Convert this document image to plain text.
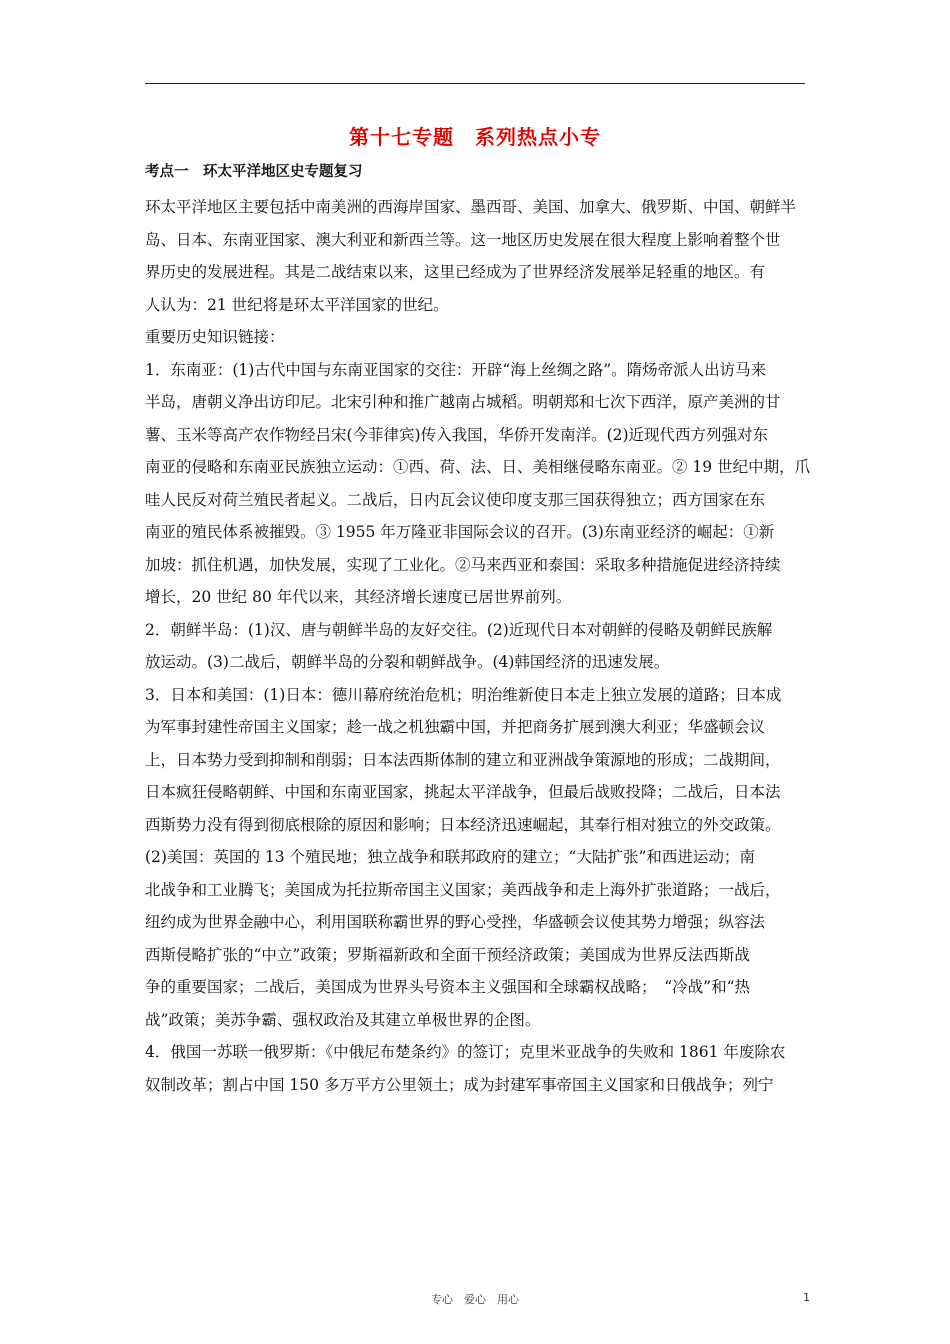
第十七专题　系列热点小专
考点一　环太平洋地区史专题复习
环太平洋地区主要包括中南美洲的西海岸国家、墨西哥、美国、加拿大、俄罗斯、中国、朝鲜半
岛、日本、东南亚国家、澳大利亚和新西兰等。这一地区历史发展在很大程度上影响着整个世
界历史的发展进程。其是二战结束以来，这里已经成为了世界经济发展举足轻重的地区。有
人认为：21 世纪将是环太平洋国家的世纪。
重要历史知识链接：
1．东南亚：(1)古代中国与东南亚国家的交往：开辟“海上丝绸之路”。隋炀帝派人出访马来
半岛，唐朝义净出访印尼。北宋引种和推广越南占城稻。明朝郑和七次下西洋，原产美洲的甘
薯、玉米等高产农作物经吕宋(今菲律宾)传入我国，华侨开发南洋。(2)近现代西方列强对东
南亚的侵略和东南亚民族独立运动：①西、荷、法、日、美相继侵略东南亚。② 19 世纪中期，爪
哇人民反对荷兰殖民者起义。二战后，日内瓦会议使印度支那三国获得独立；西方国家在东
南亚的殖民体系被摧毁。③ 1955 年万隆亚非国际会议的召开。(3)东南亚经济的崛起：①新
加坡：抓住机遇，加快发展，实现了工业化。②马来西亚和泰国：采取多种措施促进经济持续
增长，20 世纪 80 年代以来，其经济增长速度已居世界前列。
2．朝鲜半岛：(1)汉、唐与朝鲜半岛的友好交往。(2)近现代日本对朝鲜的侵略及朝鲜民族解
放运动。(3)二战后，朝鲜半岛的分裂和朝鲜战争。(4)韩国经济的迅速发展。
3．日本和美国：(1)日本：德川幕府统治危机；明治维新使日本走上独立发展的道路；日本成
为军事封建性帝国主义国家；趁一战之机独霸中国，并把商务扩展到澳大利亚；华盛顿会议
上，日本势力受到抑制和削弱；日本法西斯体制的建立和亚洲战争策源地的形成；二战期间，
日本疯狂侵略朝鲜、中国和东南亚国家，挑起太平洋战争，但最后战败投降；二战后，日本法
西斯势力没有得到彻底根除的原因和影响；日本经济迅速崛起，其奉行相对独立的外交政策。
(2)美国：英国的 13 个殖民地；独立战争和联邦政府的建立；“大陆扩张”和西进运动；南
北战争和工业腾飞；美国成为托拉斯帝国主义国家；美西战争和走上海外扩张道路；一战后，
纽约成为世界金融中心，利用国联称霸世界的野心受挫，华盛顿会议使其势力增强；纵容法
西斯侵略扩张的“中立”政策；罗斯福新政和全面干预经济政策；美国成为世界反法西斯战
争的重要国家；二战后，美国成为世界头号资本主义强国和全球霸权战略；　“冷战”和“热
战”政策；美苏争霸、强权政治及其建立单极世界的企图。
4．俄国一苏联一俄罗斯：《中俄尼布楚条约》的签订；克里米亚战争的失败和 1861 年废除农
奴制改革；割占中国 150 多万平方公里领土；成为封建军事帝国主义国家和日俄战争；列宁
专心　爱心　用心	1
